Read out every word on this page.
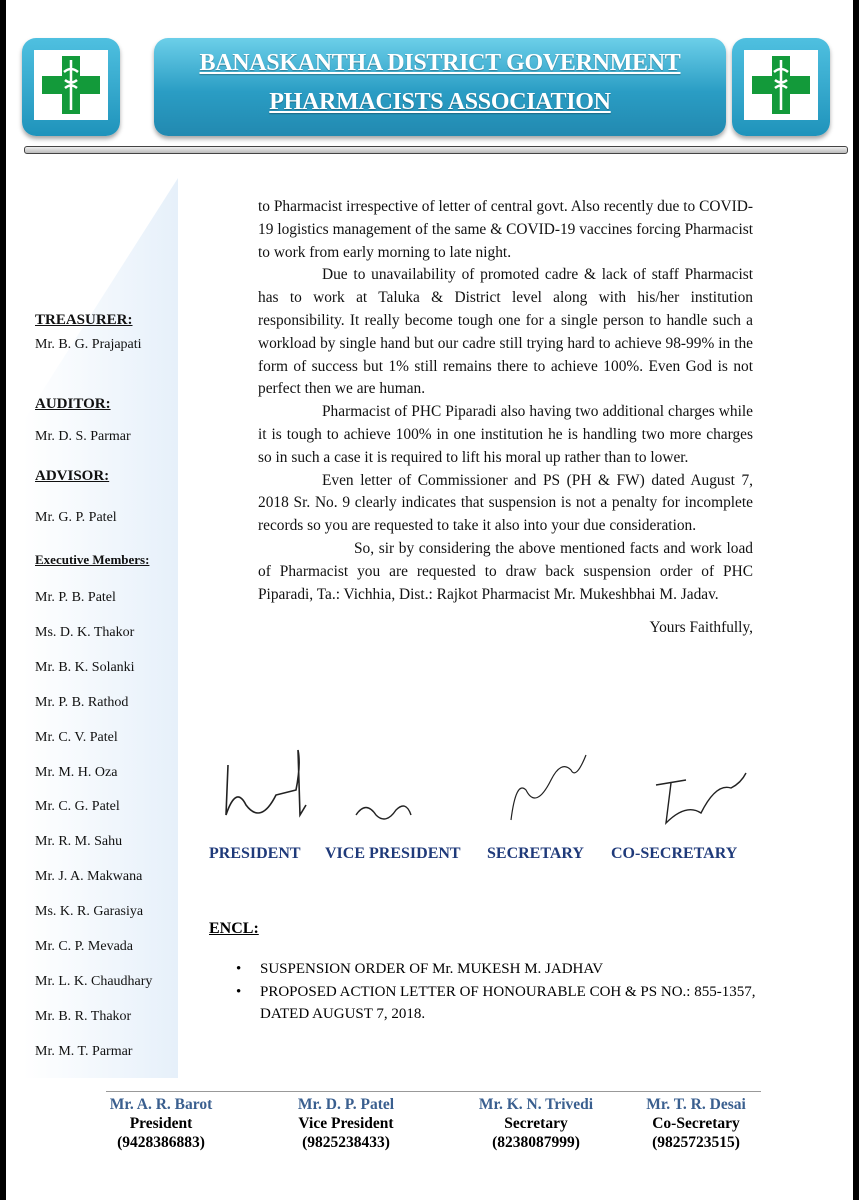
BANASKANTHA DISTRICT GOVERNMENT
PHARMACISTS ASSOCIATION
TREASURER:
Mr. B. G. Prajapati
AUDITOR:
Mr. D. S. Parmar
ADVISOR:
Mr. G. P. Patel
Executive Members:
Mr. P. B. Patel
Ms. D. K. Thakor
Mr. B. K. Solanki
Mr. P. B. Rathod
Mr. C. V. Patel
Mr. M. H. Oza
Mr. C. G. Patel
Mr. R. M. Sahu
Mr. J. A. Makwana
Ms. K. R. Garasiya
Mr. C. P. Mevada
Mr. L. K. Chaudhary
Mr. B. R. Thakor
Mr. M. T. Parmar

to Pharmacist irrespective of letter of central govt. Also recently due to COVID-19 logistics management of the same & COVID-19 vaccines forcing Pharmacist to work from early morning to late night.

Due to unavailability of promoted cadre & lack of staff Pharmacist has to work at Taluka & District level along with his/her institution responsibility. It really become tough one for a single person to handle such a workload by single hand but our cadre still trying hard to achieve 98-99% in the form of success but 1% still remains there to achieve 100%. Even God is not perfect then we are human.

Pharmacist of PHC Piparadi also having two additional charges while it is tough to achieve 100% in one institution he is handling two more charges so in such a case it is required to lift his moral up rather than to lower.

Even letter of Commissioner and PS (PH & FW) dated August 7, 2018 Sr. No. 9 clearly indicates that suspension is not a penalty for incomplete records so you are requested to take it also into your due consideration.

So, sir by considering the above mentioned facts and work load of Pharmacist you are requested to draw back suspension order of PHC Piparadi, Ta.: Vichhia, Dist.: Rajkot Pharmacist Mr. Mukeshbhai M. Jadav.

Yours Faithfully,

PRESIDENT VICE PRESIDENT SECRETARY CO-SECRETARY
ENCL:
• SUSPENSION ORDER OF Mr. MUKESH M. JADHAV
• PROPOSED ACTION LETTER OF HONOURABLE COH & PS NO.: 855-1357, DATED AUGUST 7, 2018.
Mr. A. R. Barot
President
(9428386883)
Mr. D. P. Patel
Vice President
(9825238433)
Mr. K. N. Trivedi
Secretary
(8238087999)
Mr. T. R. Desai
Co-Secretary
(9825723515)
